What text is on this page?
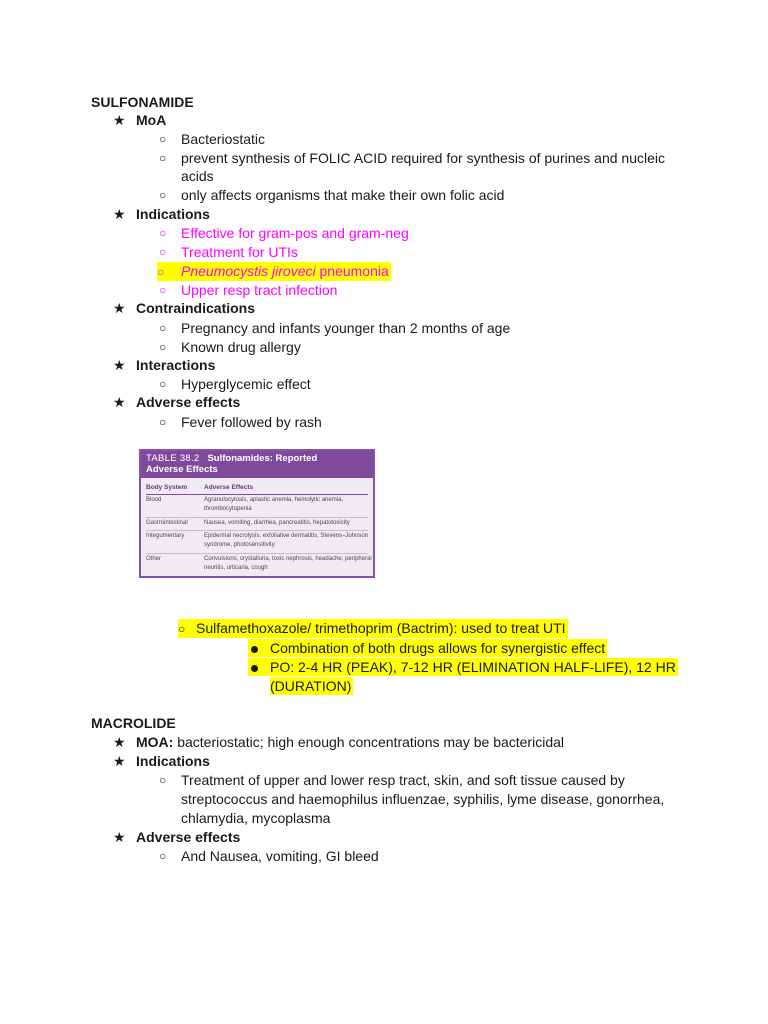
SULFONAMIDE
★ MoA
○ Bacteriostatic
○ prevent synthesis of FOLIC ACID required for synthesis of purines and nucleic
acids
○ only affects organisms that make their own folic acid
★ Indications
○ Effective for gram-pos and gram-neg
○ Treatment for UTIs
○ Pneumocystis jiroveci pneumonia
○ Upper resp tract infection
★ Contraindications
○ Pregnancy and infants younger than 2 months of age
○ Known drug allergy
★ Interactions
○ Hyperglycemic effect
★ Adverse effects
○ Fever followed by rash
TABLE 38.2 Sulfonamides: Reported
Adverse Effects
Body System	Adverse Effects
Blood	Agranulocytosis, aplastic anemia, hemolytic anemia, thrombocytopenia
Gastrointestinal	Nausea, vomiting, diarrhea, pancreatitis, hepatotoxicity
Integumentary	Epidermal necrolysis, exfoliative dermatitis, Stevens–Johnson syndrome, photosensitivity
Other	Convulsions, crystalluria, toxic nephrosis, headache, peripheral neuritis, urticaria, cough
○ Sulfamethoxazole/ trimethoprim (Bactrim): used to treat UTI
Combination of both drugs allows for synergistic effect
PO: 2-4 HR (PEAK), 7-12 HR (ELIMINATION HALF-LIFE), 12 HR
(DURATION)
MACROLIDE
★ MOA: bacteriostatic; high enough concentrations may be bactericidal
★ Indications
○ Treatment of upper and lower resp tract, skin, and soft tissue caused by
streptococcus and haemophilus influenzae, syphilis, lyme disease, gonorrhea,
chlamydia, mycoplasma
★ Adverse effects
○ And Nausea, vomiting, GI bleed
